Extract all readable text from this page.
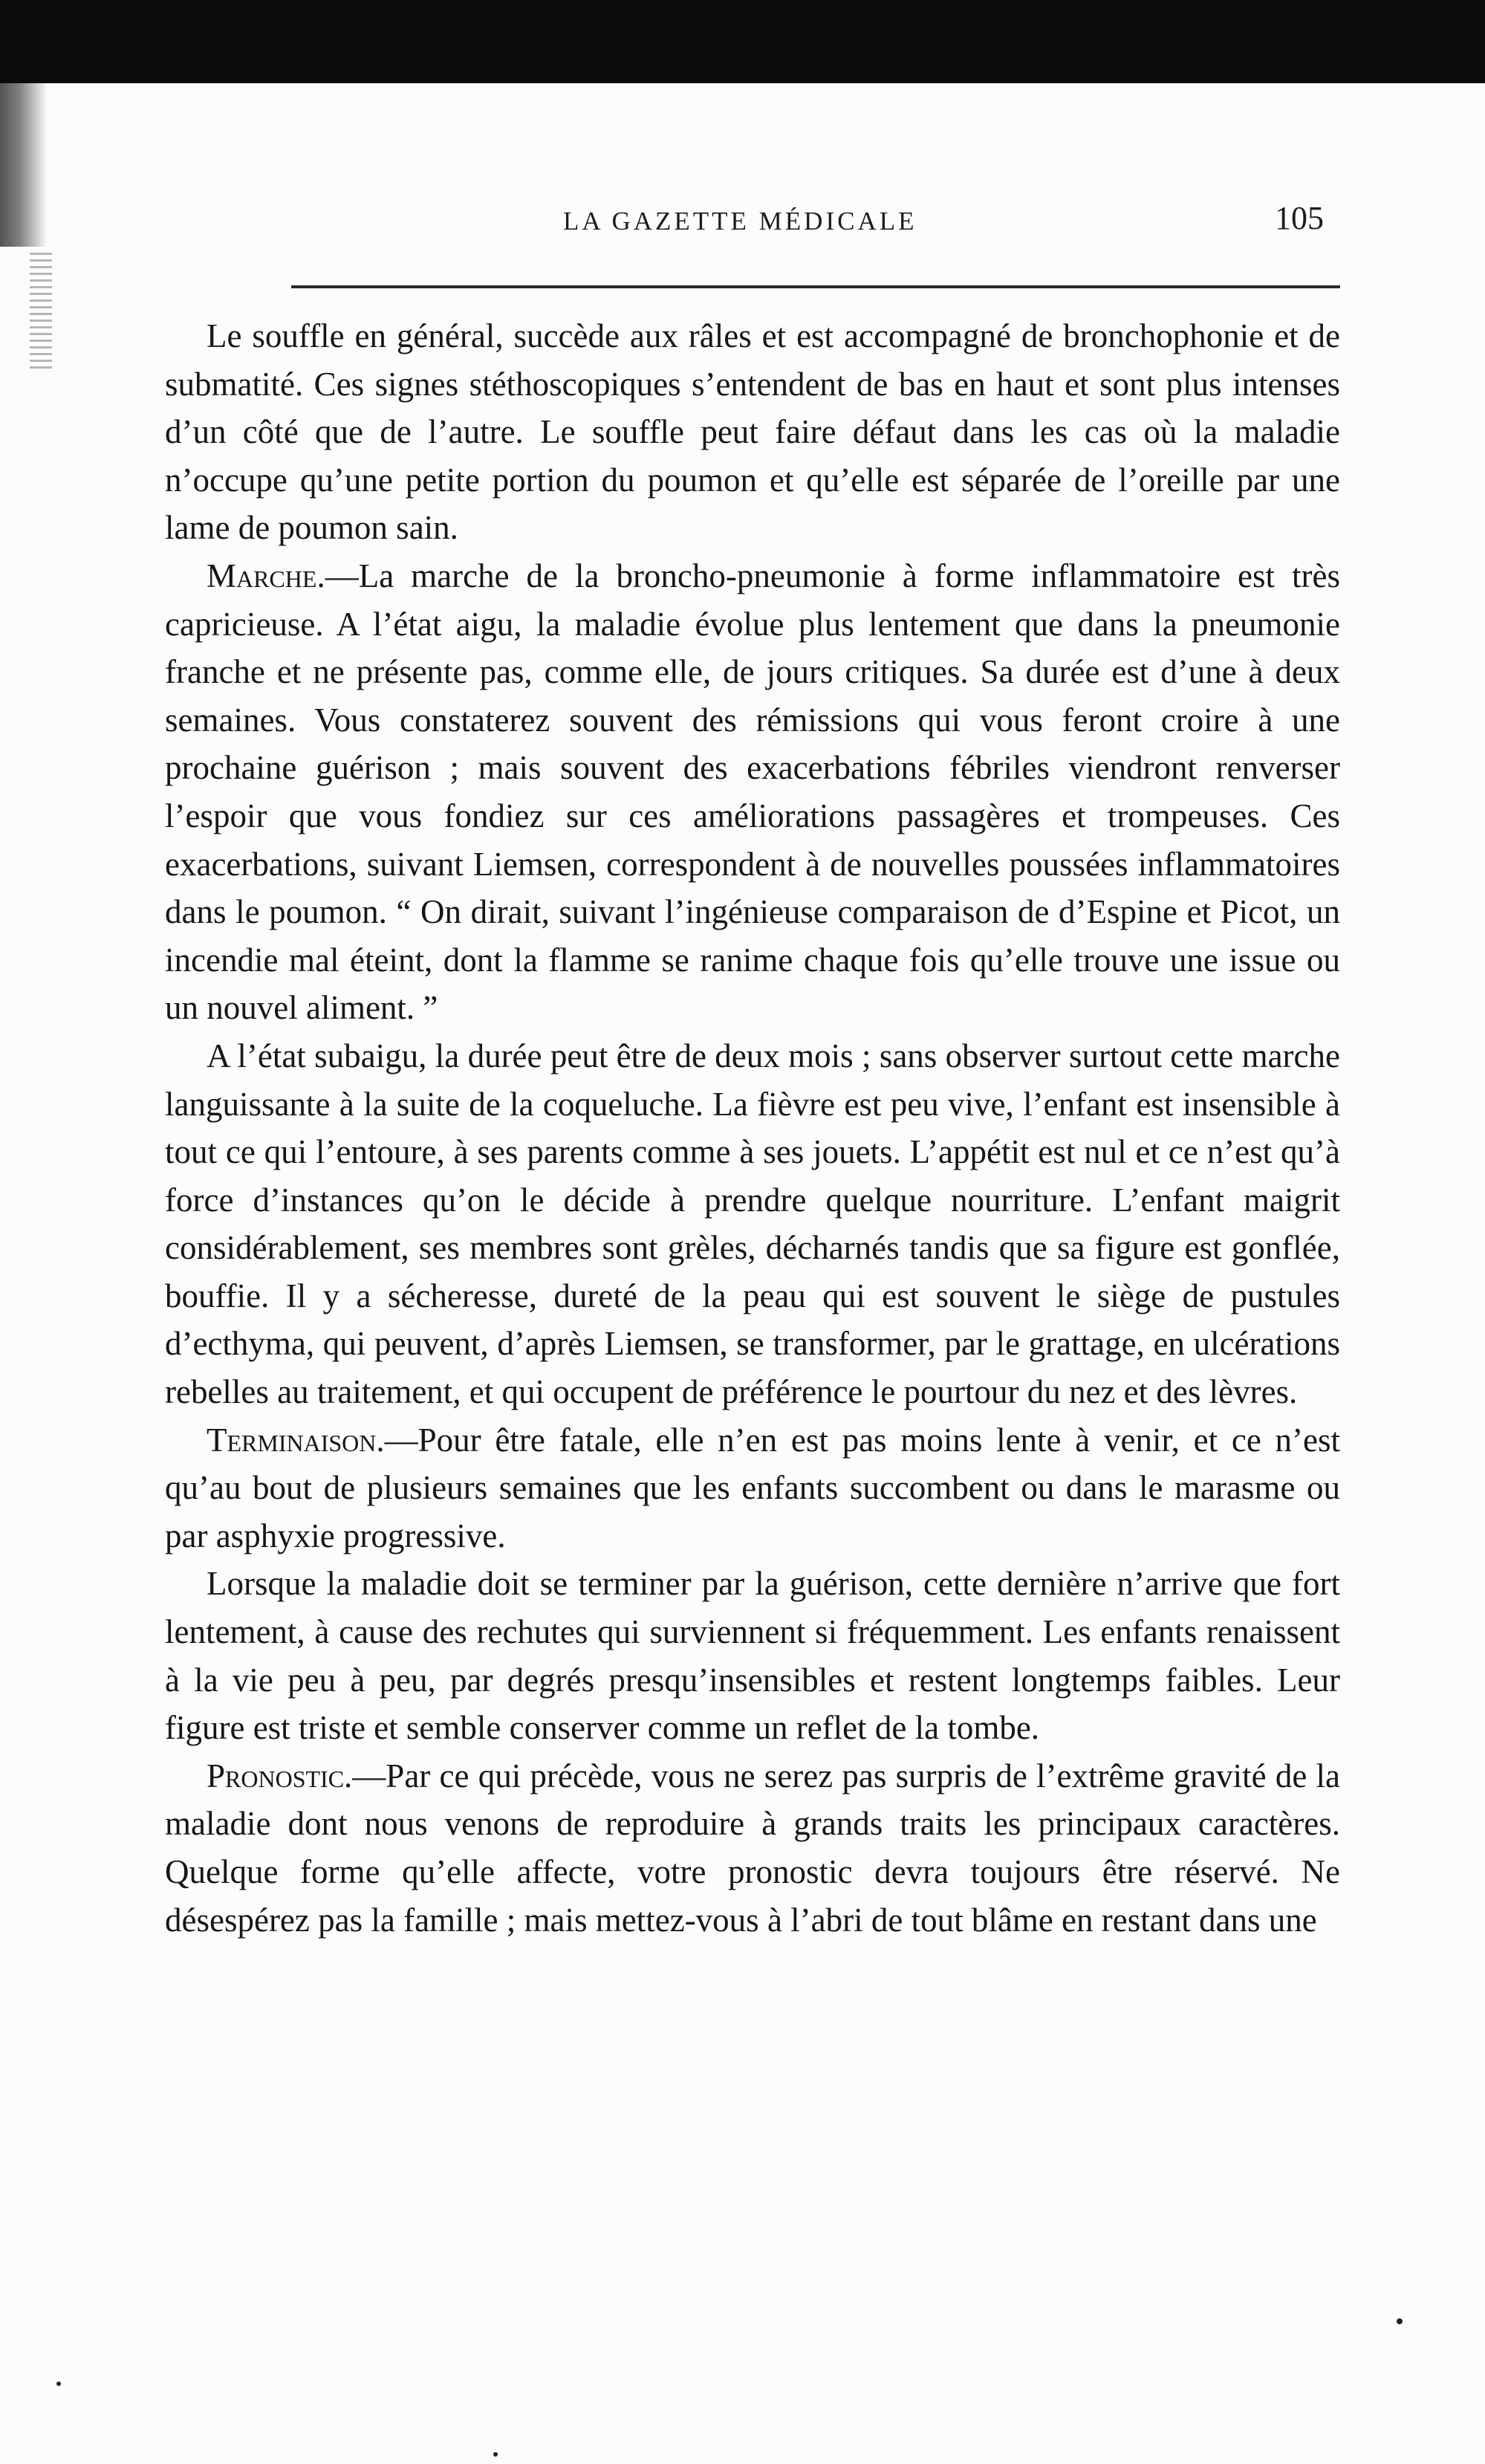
LA GAZETTE MÉDICALE	105

Le souffle en général, succède aux râles et est accompagné de bronchophonie et de submatité. Ces signes stéthoscopiques s’entendent de bas en haut et sont plus intenses d’un côté que de l’autre. Le souffle peut faire défaut dans les cas où la maladie n’occupe qu’une petite portion du poumon et qu’elle est séparée de l’oreille par une lame de poumon sain.

Marche.—La marche de la broncho-pneumonie à forme inflammatoire est très capricieuse. A l’état aigu, la maladie évolue plus lentement que dans la pneumonie franche et ne présente pas, comme elle, de jours critiques. Sa durée est d’une à deux semaines. Vous constaterez souvent des rémissions qui vous feront croire à une prochaine guérison ; mais souvent des exacerbations fébriles viendront renverser l’espoir que vous fondiez sur ces améliorations passagères et trompeuses. Ces exacerbations, suivant Liemsen, correspondent à de nouvelles poussées inflammatoires dans le poumon. “ On dirait, suivant l’ingénieuse comparaison de d’Espine et Picot, un incendie mal éteint, dont la flamme se ranime chaque fois qu’elle trouve une issue ou un nouvel aliment. ”

A l’état subaigu, la durée peut être de deux mois ; sans observer surtout cette marche languissante à la suite de la coqueluche. La fièvre est peu vive, l’enfant est insensible à tout ce qui l’entoure, à ses parents comme à ses jouets. L’appétit est nul et ce n’est qu’à force d’instances qu’on le décide à prendre quelque nourriture. L’enfant maigrit considérablement, ses membres sont grèles, décharnés tandis que sa figure est gonflée, bouffie. Il y a sécheresse, dureté de la peau qui est souvent le siège de pustules d’ecthyma, qui peuvent, d’après Liemsen, se transformer, par le grattage, en ulcérations rebelles au traitement, et qui occupent de préférence le pourtour du nez et des lèvres.

Terminaison.—Pour être fatale, elle n’en est pas moins lente à venir, et ce n’est qu’au bout de plusieurs semaines que les enfants succombent ou dans le marasme ou par asphyxie progressive.

Lorsque la maladie doit se terminer par la guérison, cette dernière n’arrive que fort lentement, à cause des rechutes qui surviennent si fréquemment. Les enfants renaissent à la vie peu à peu, par degrés presqu’insensibles et restent longtemps faibles. Leur figure est triste et semble conserver comme un reflet de la tombe.

Pronostic.—Par ce qui précède, vous ne serez pas surpris de l’extrême gravité de la maladie dont nous venons de reproduire à grands traits les principaux caractères. Quelque forme qu’elle affecte, votre pronostic devra toujours être réservé. Ne désespérez pas la famille ; mais mettez-vous à l’abri de tout blâme en restant dans une
